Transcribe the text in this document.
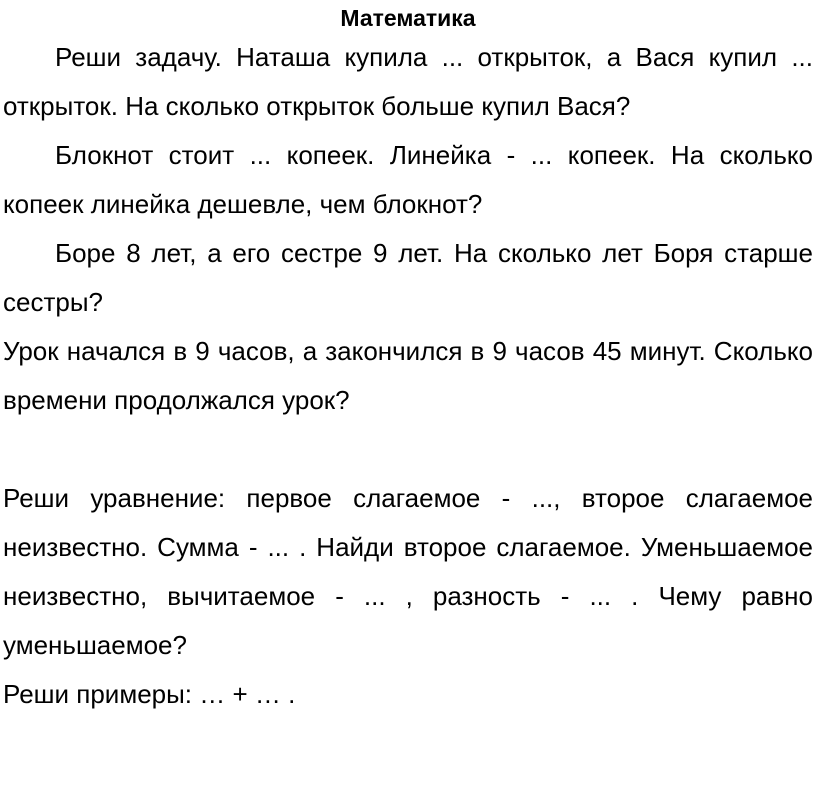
Математика

Реши задачу. Наташа купила ... открыток, а Вася купил ... открыток. На сколько открыток больше купил Вася?

Блокнот стоит ... копеек. Линейка - ... копеек. На сколько копеек линейка дешевле, чем блокнот?

Боре 8 лет, а его сестре 9 лет. На сколько лет Боря старше сестры?

Урок начался в 9 часов, а закончился в 9 часов 45 минут. Сколько времени продолжался урок?

Реши уравнение: первое слагаемое - ..., второе слагаемое неизвестно. Сумма - ... . Найди второе слагаемое. Уменьшаемое неизвестно, вычитаемое - ... , разность - ... . Чему равно уменьшаемое?

Реши примеры: … + … .
